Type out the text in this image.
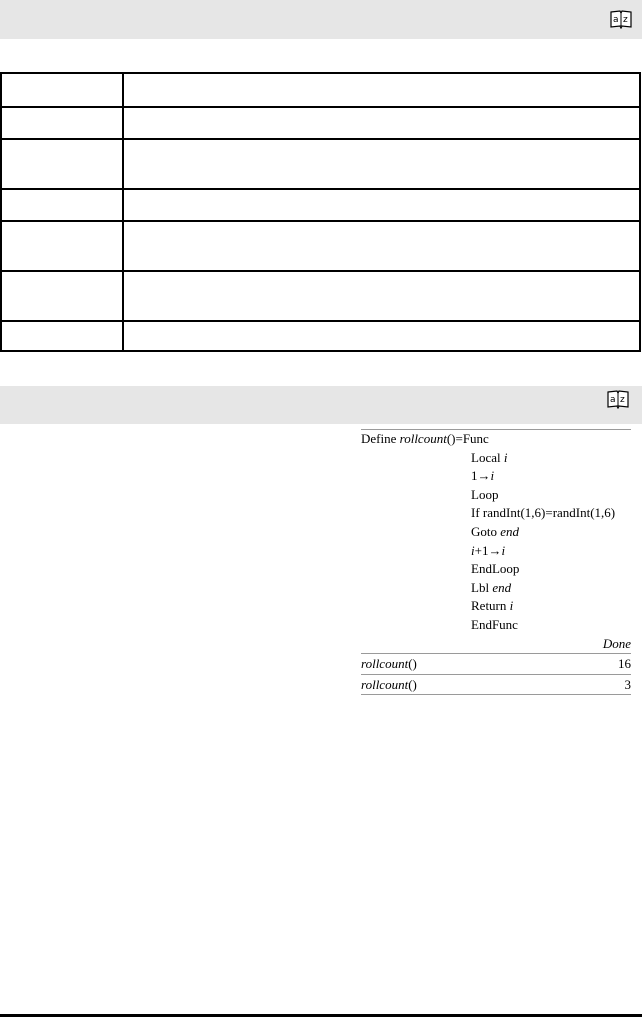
a z

a z
Define rollcount()=Func
Local i
1→i
Loop
If randInt(1,6)=randInt(1,6)
Goto end
i+1→i
EndLoop
Lbl end
Return i
EndFunc
Done
rollcount()	16
rollcount()	3
